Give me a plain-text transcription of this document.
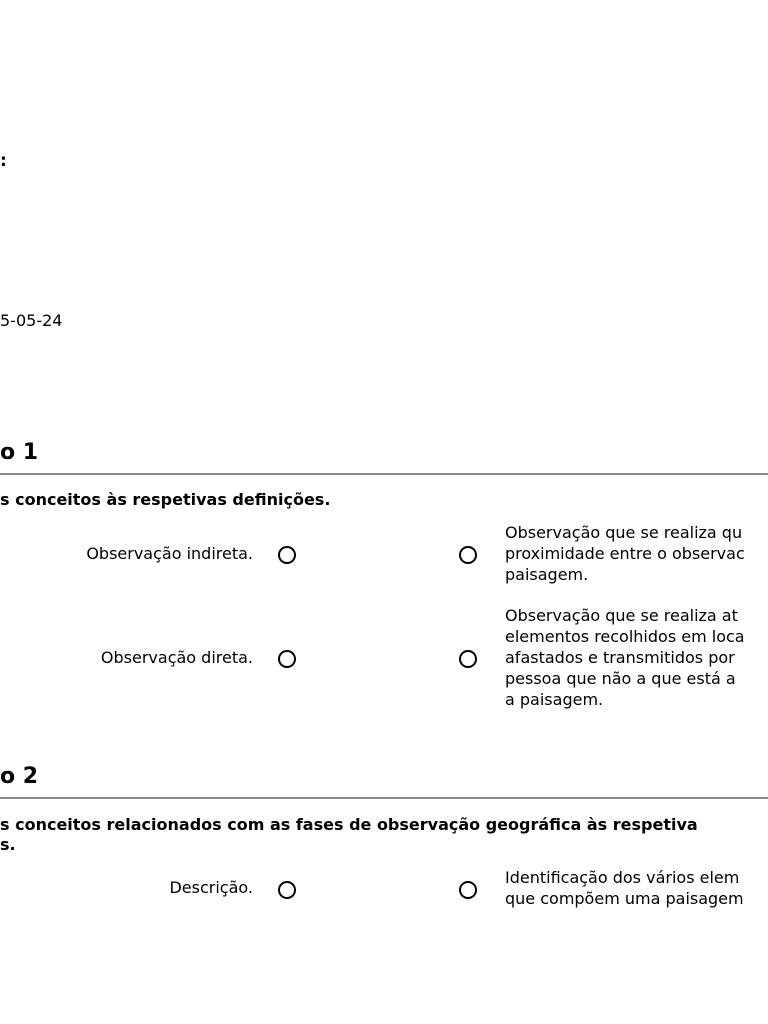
:
5-05-24
o 1
s conceitos às respetivas definições.
Observação indireta.
Observação que se realiza qu
proximidade entre o observac
paisagem.
Observação direta.
Observação que se realiza at
elementos recolhidos em loca
afastados e transmitidos por
pessoa que não a que está a
a paisagem.
o 2
s conceitos relacionados com as fases de observação geográfica às respetiva
s.
Descrição.
Identificação dos vários elem
que compõem uma paisagem
